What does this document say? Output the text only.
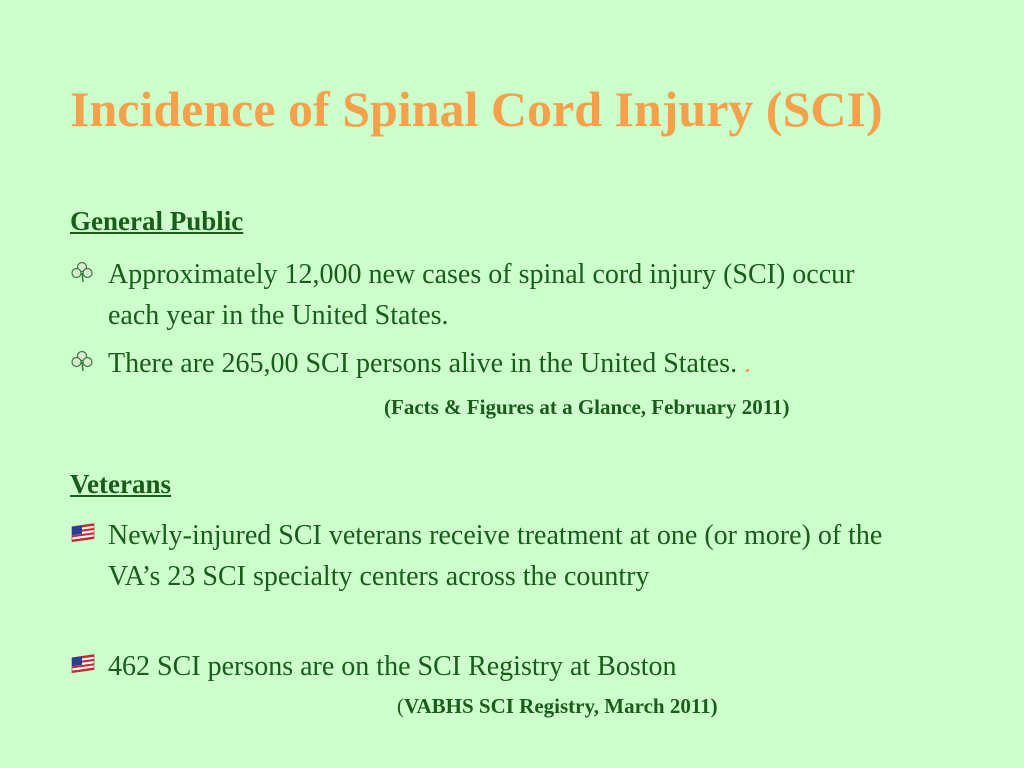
Incidence of Spinal Cord Injury (SCI)
General Public
Approximately 12,000 new cases of spinal cord injury (SCI) occur each year in the United States.
There are 265,00 SCI persons alive in the United States. .
(Facts & Figures at a Glance, February 2011)
Veterans
Newly-injured SCI veterans receive treatment at one (or more) of the VA’s 23 SCI specialty centers across the country
462 SCI persons are on the SCI Registry at Boston
(VABHS SCI Registry, March 2011)
